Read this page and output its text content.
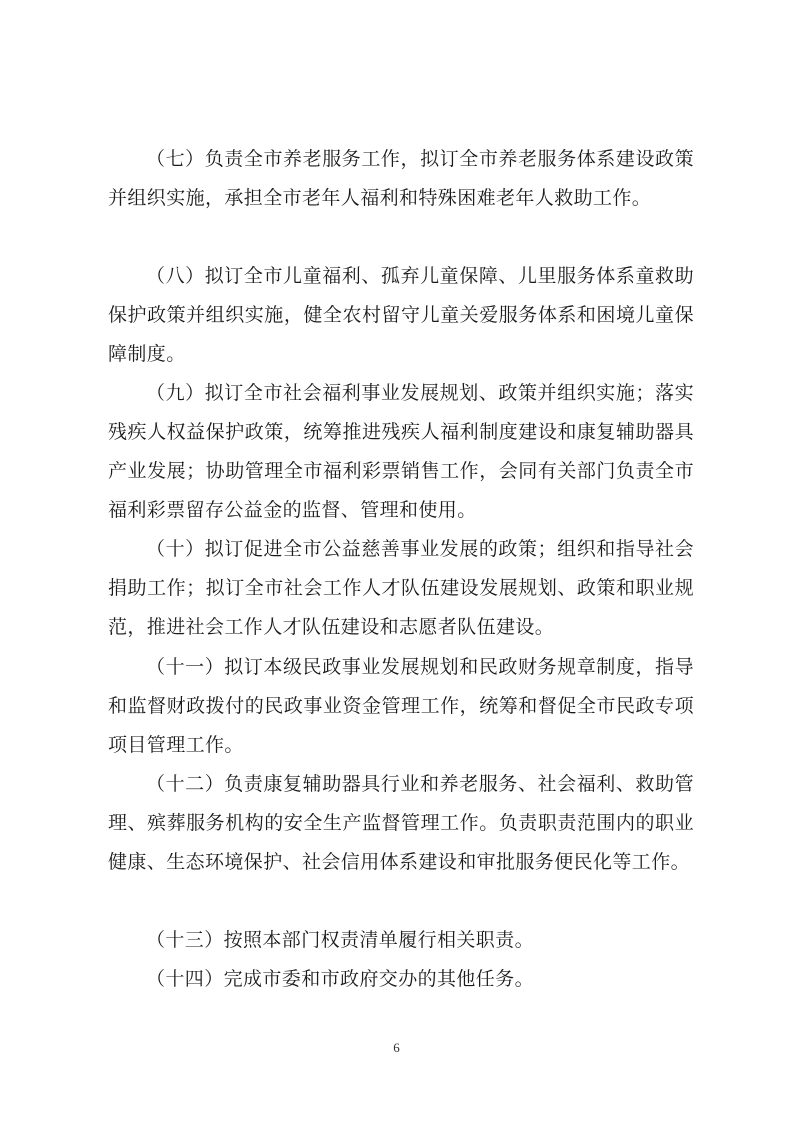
（七）负责全市养老服务工作，拟订全市养老服务体系建设政策并组织实施，承担全市老年人福利和特殊困难老年人救助工作。

（八）拟订全市儿童福利、孤弃儿童保障、儿里服务体系童救助保护政策并组织实施，健全农村留守儿童关爱服务体系和困境儿童保障制度。

（九）拟订全市社会福利事业发展规划、政策并组织实施；落实残疾人权益保护政策，统筹推进残疾人福利制度建设和康复辅助器具产业发展；协助管理全市福利彩票销售工作，会同有关部门负责全市福利彩票留存公益金的监督、管理和使用。

（十）拟订促进全市公益慈善事业发展的政策；组织和指导社会捐助工作；拟订全市社会工作人才队伍建设发展规划、政策和职业规范，推进社会工作人才队伍建设和志愿者队伍建设。

（十一）拟订本级民政事业发展规划和民政财务规章制度，指导和监督财政拨付的民政事业资金管理工作，统筹和督促全市民政专项项目管理工作。

（十二）负责康复辅助器具行业和养老服务、社会福利、救助管理、殡葬服务机构的安全生产监督管理工作。负责职责范围内的职业健康、生态环境保护、社会信用体系建设和审批服务便民化等工作。

（十三）按照本部门权责清单履行相关职责。

（十四）完成市委和市政府交办的其他任务。

6
